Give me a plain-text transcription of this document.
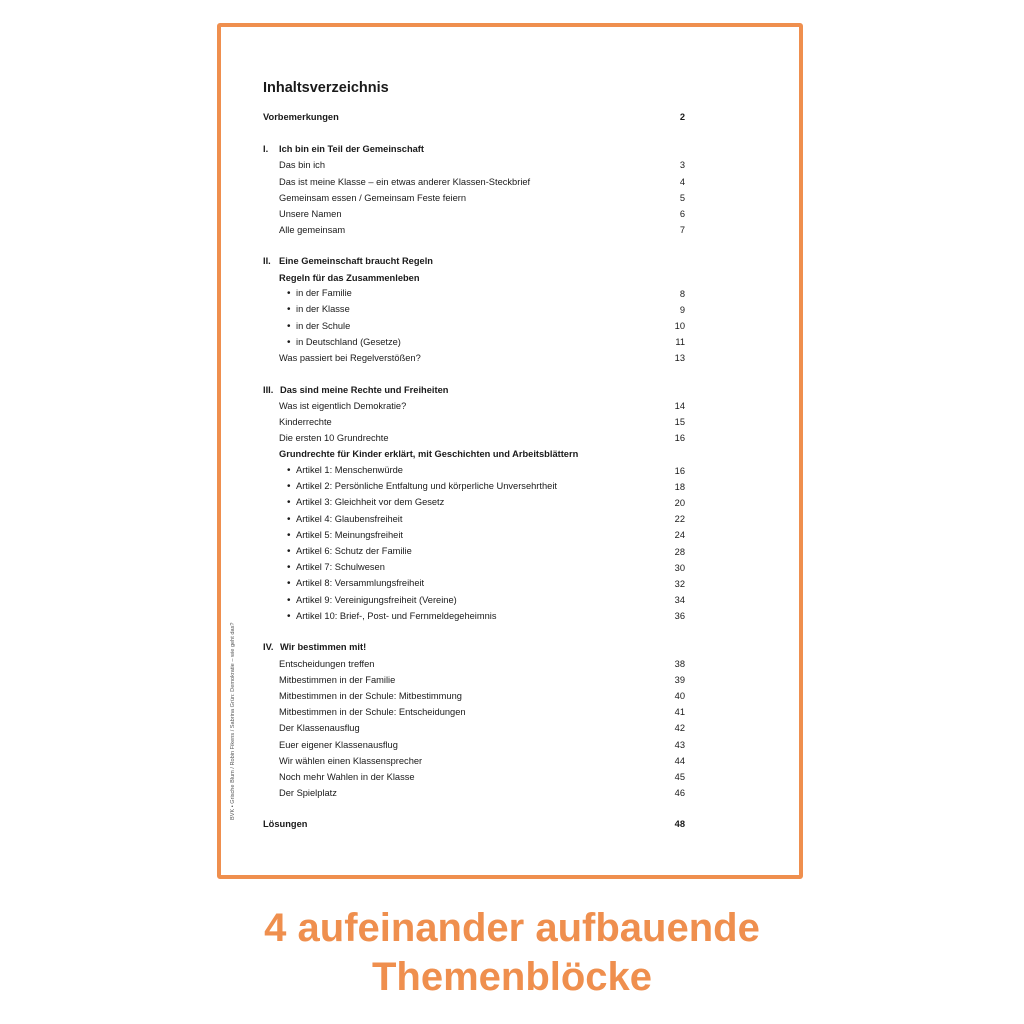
Inhaltsverzeichnis
Vorbemerkungen	2
I.	Ich bin ein Teil der Gemeinschaft
Das bin ich	3
Das ist meine Klasse – ein etwas anderer Klassen-Steckbrief	4
Gemeinsam essen / Gemeinsam Feste feiern	5
Unsere Namen	6
Alle gemeinsam	7
II. Eine Gemeinschaft braucht Regeln
Regeln für das Zusammenleben
• in der Familie	8
• in der Klasse	9
• in der Schule	10
• in Deutschland (Gesetze)	11
Was passiert bei Regelverstößen?	13
III. Das sind meine Rechte und Freiheiten
Was ist eigentlich Demokratie?	14
Kinderrechte	15
Die ersten 10 Grundrechte	16
Grundrechte für Kinder erklärt, mit Geschichten und Arbeitsblättern
• Artikel 1: Menschenwürde	16
• Artikel 2: Persönliche Entfaltung und körperliche Unversehrtheit	18
• Artikel 3: Gleichheit vor dem Gesetz	20
• Artikel 4: Glaubensfreiheit	22
• Artikel 5: Meinungsfreiheit	24
• Artikel 6: Schutz der Familie	28
• Artikel 7: Schulwesen	30
• Artikel 8: Versammlungsfreiheit	32
• Artikel 9: Vereinigungsfreiheit (Vereine)	34
• Artikel 10: Brief-, Post- und Fernmeldegeheimnis	36
IV. Wir bestimmen mit!
Entscheidungen treffen	38
Mitbestimmen in der Familie	39
Mitbestimmen in der Schule: Mitbestimmung	40
Mitbestimmen in der Schule: Entscheidungen	41
Der Klassenausflug	42
Euer eigener Klassenausflug	43
Wir wählen einen Klassensprecher	44
Noch mehr Wahlen in der Klasse	45
Der Spielplatz	46
Lösungen	48
BVK • Grische Blum / Robin Fikens / Sabrina Grün: Demokratie – wie geht das?
4 aufeinander aufbauende
Themenblöcke
